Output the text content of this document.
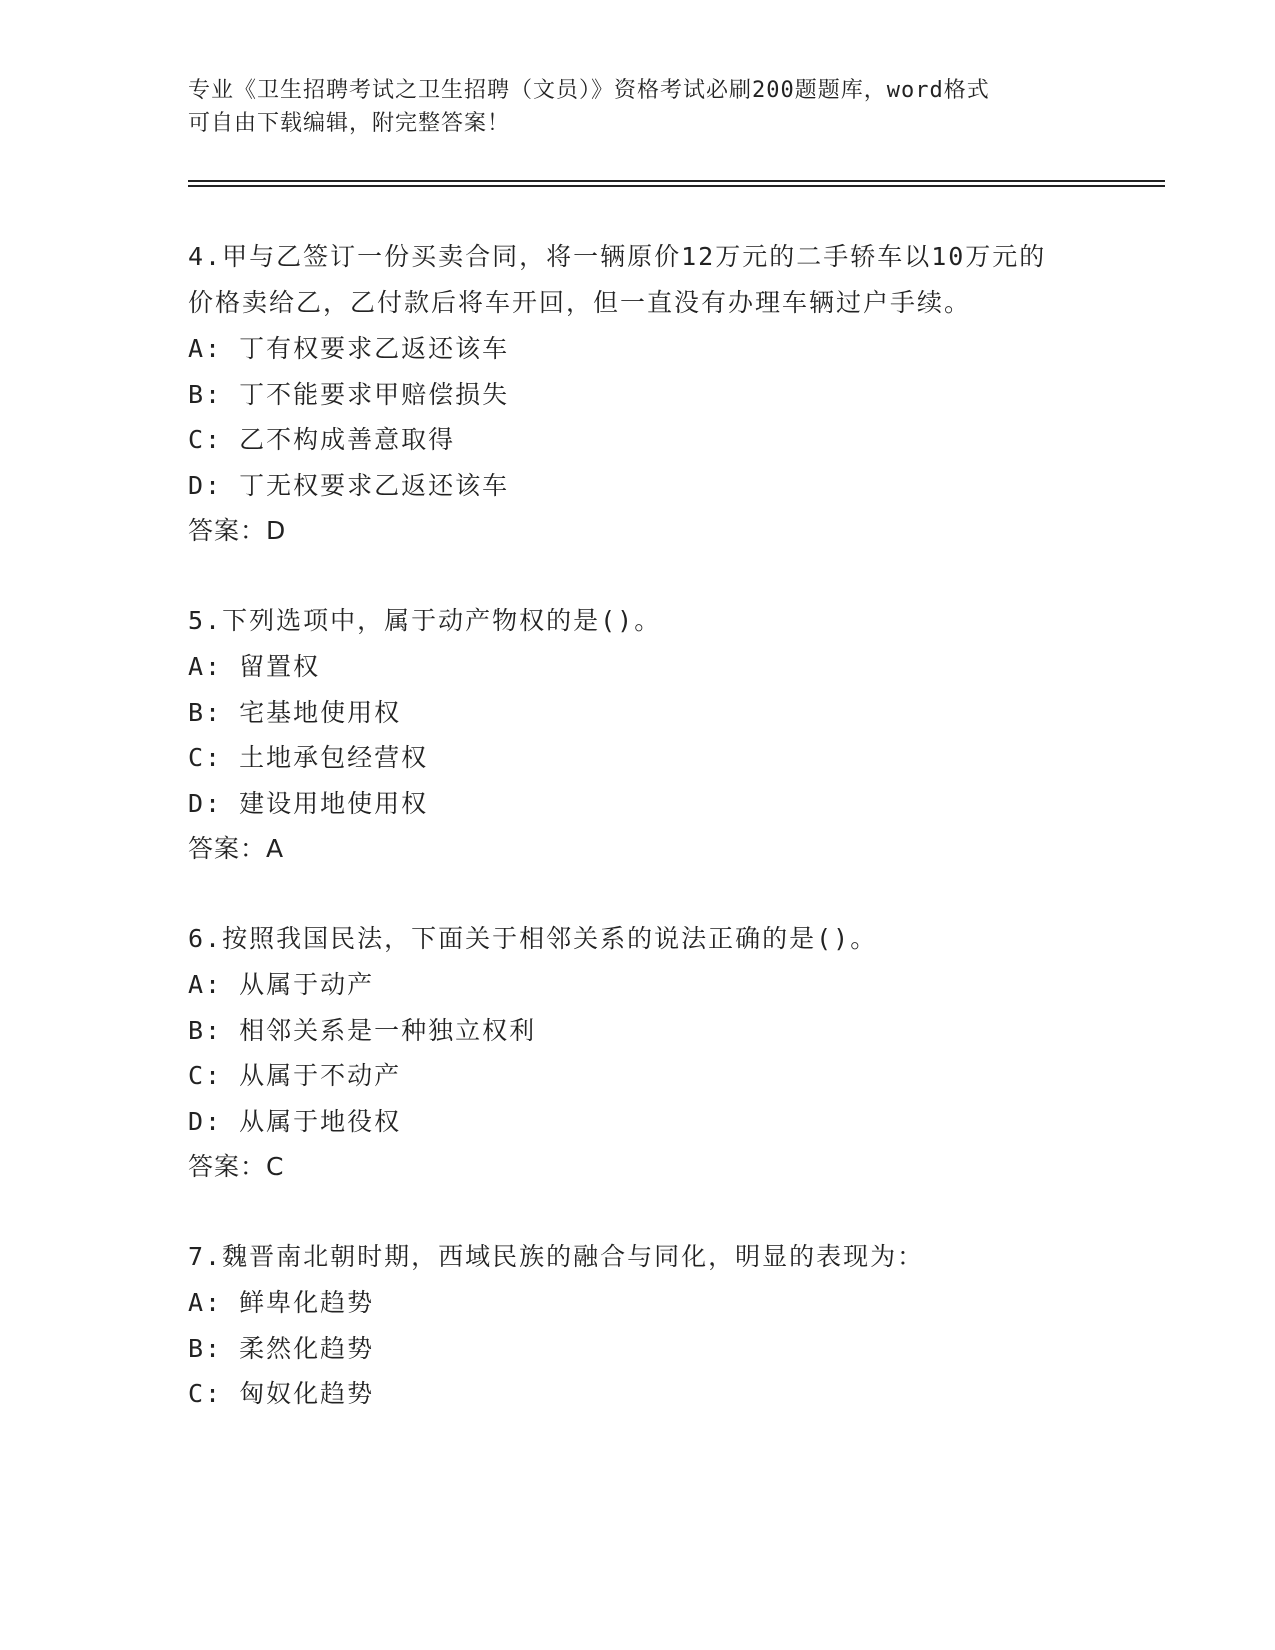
专业《卫生招聘考试之卫生招聘（文员）》资格考试必刷200题题库，word格式
可自由下载编辑，附完整答案！

4.甲与乙签订一份买卖合同，将一辆原价12万元的二手轿车以10万元的价格卖给乙，乙付款后将车开回，但一直没有办理车辆过户手续。

A: 丁有权要求乙返还该车

B: 丁不能要求甲赔偿损失

C: 乙不构成善意取得

D: 丁无权要求乙返还该车

答案：D

5.下列选项中，属于动产物权的是()。

A: 留置权

B: 宅基地使用权

C: 土地承包经营权

D: 建设用地使用权

答案：A

6.按照我国民法，下面关于相邻关系的说法正确的是()。

A: 从属于动产

B: 相邻关系是一种独立权利

C: 从属于不动产

D: 从属于地役权

答案：C

7.魏晋南北朝时期，西域民族的融合与同化，明显的表现为：

A: 鲜卑化趋势

B: 柔然化趋势

C: 匈奴化趋势
